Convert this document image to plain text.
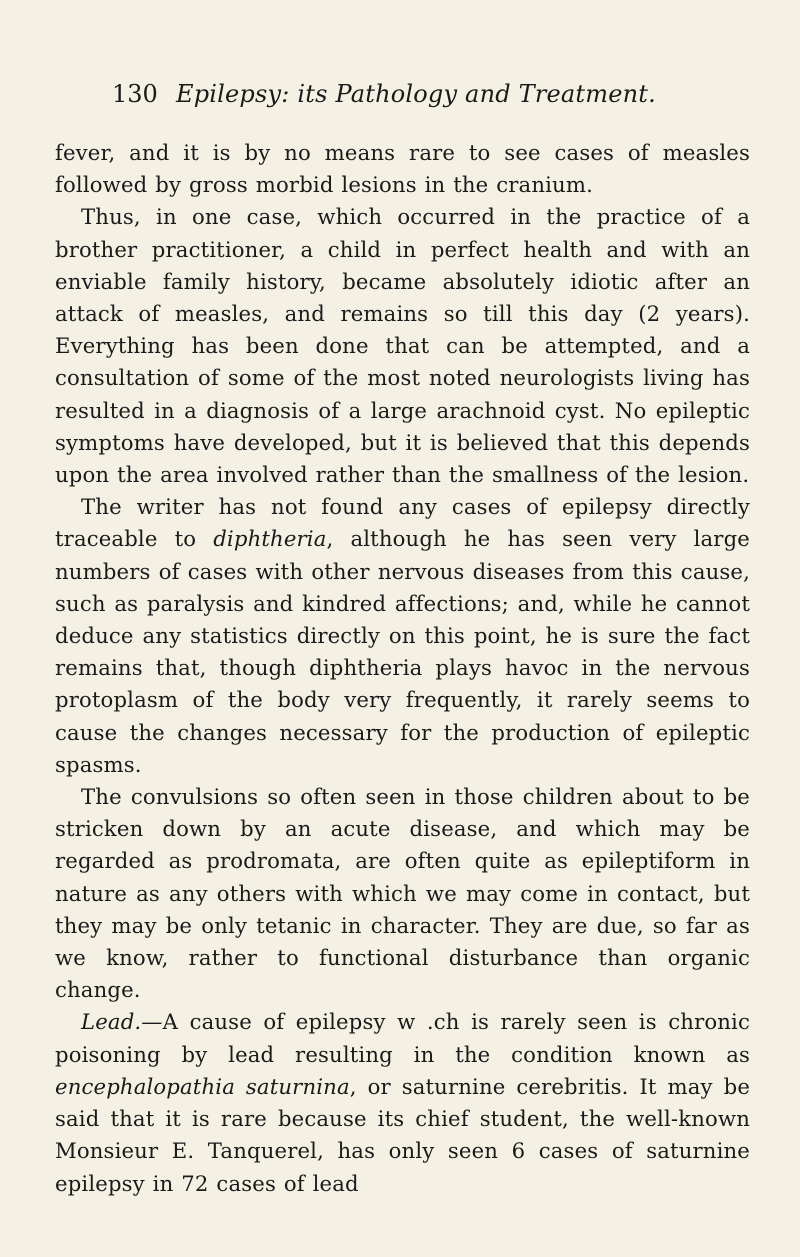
130 Epilepsy: its Pathology and Treatment.

fever, and it is by no means rare to see cases of measles followed by gross morbid lesions in the cranium.

Thus, in one case, which occurred in the practice of a brother practitioner, a child in perfect health and with an enviable family history, became absolutely idiotic after an attack of measles, and remains so till this day (2 years). Everything has been done that can be attempted, and a consultation of some of the most noted neurologists living has resulted in a diagnosis of a large arachnoid cyst. No epileptic symptoms have developed, but it is believed that this depends upon the area involved rather than the smallness of the lesion.

The writer has not found any cases of epilepsy directly traceable to diphtheria, although he has seen very large numbers of cases with other nervous diseases from this cause, such as paralysis and kindred affections; and, while he cannot deduce any statistics directly on this point, he is sure the fact remains that, though diphtheria plays havoc in the nervous protoplasm of the body very frequently, it rarely seems to cause the changes necessary for the production of epileptic spasms.

The convulsions so often seen in those children about to be stricken down by an acute disease, and which may be regarded as prodromata, are often quite as epileptiform in nature as any others with which we may come in contact, but they may be only tetanic in character. They are due, so far as we know, rather to functional disturbance than organic change.

Lead.—A cause of epilepsy w .ch is rarely seen is chronic poisoning by lead resulting in the condition known as encephalopathia saturnina, or saturnine cerebritis. It may be said that it is rare because its chief student, the well-known Monsieur E. Tanquerel, has only seen 6 cases of saturnine epilepsy in 72 cases of lead
